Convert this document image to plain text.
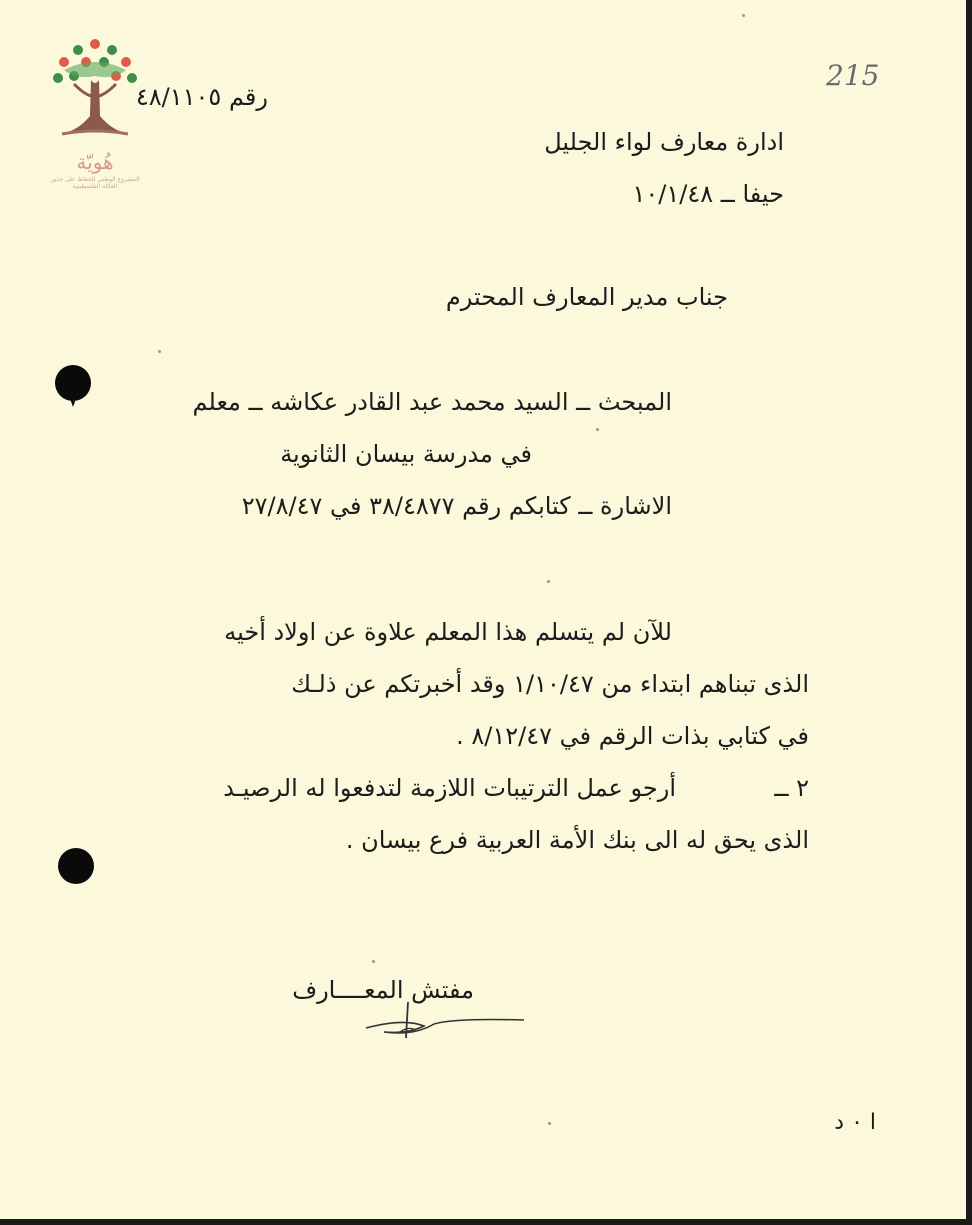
هُويّة
المشروع الوطني للحفاظ على جذور العائلة الفلسطينية
رقم ٤٨/١١٠٥
215
ادارة معارف لواء الجليل
حيفا ــ ١٠/١/٤٨
جناب مدير المعارف المحترم
المبحث ــ السيد محمد عبد القادر عكاشه ــ معلم
في مدرسة بيسان الثانوية
الاشارة ــ كتابكم رقم ٣٨/٤٨٧٧ في ٢٧/٨/٤٧
للآن لم يتسلم هذا المعلم علاوة عن اولاد أخيه
الذى تبناهم ابتداء من ١/١٠/٤٧ وقد أخبرتكم عن ذلـك
في كتابي بذات الرقم في ٨/١٢/٤٧ .
٢ ــ
أرجو عمل الترتيبات اللازمة لتدفعوا له الرصيـد
الذى يحق له الى بنك الأمة العربية فرع بيسان .
مفتش المعــــارف
ا ٠ د
